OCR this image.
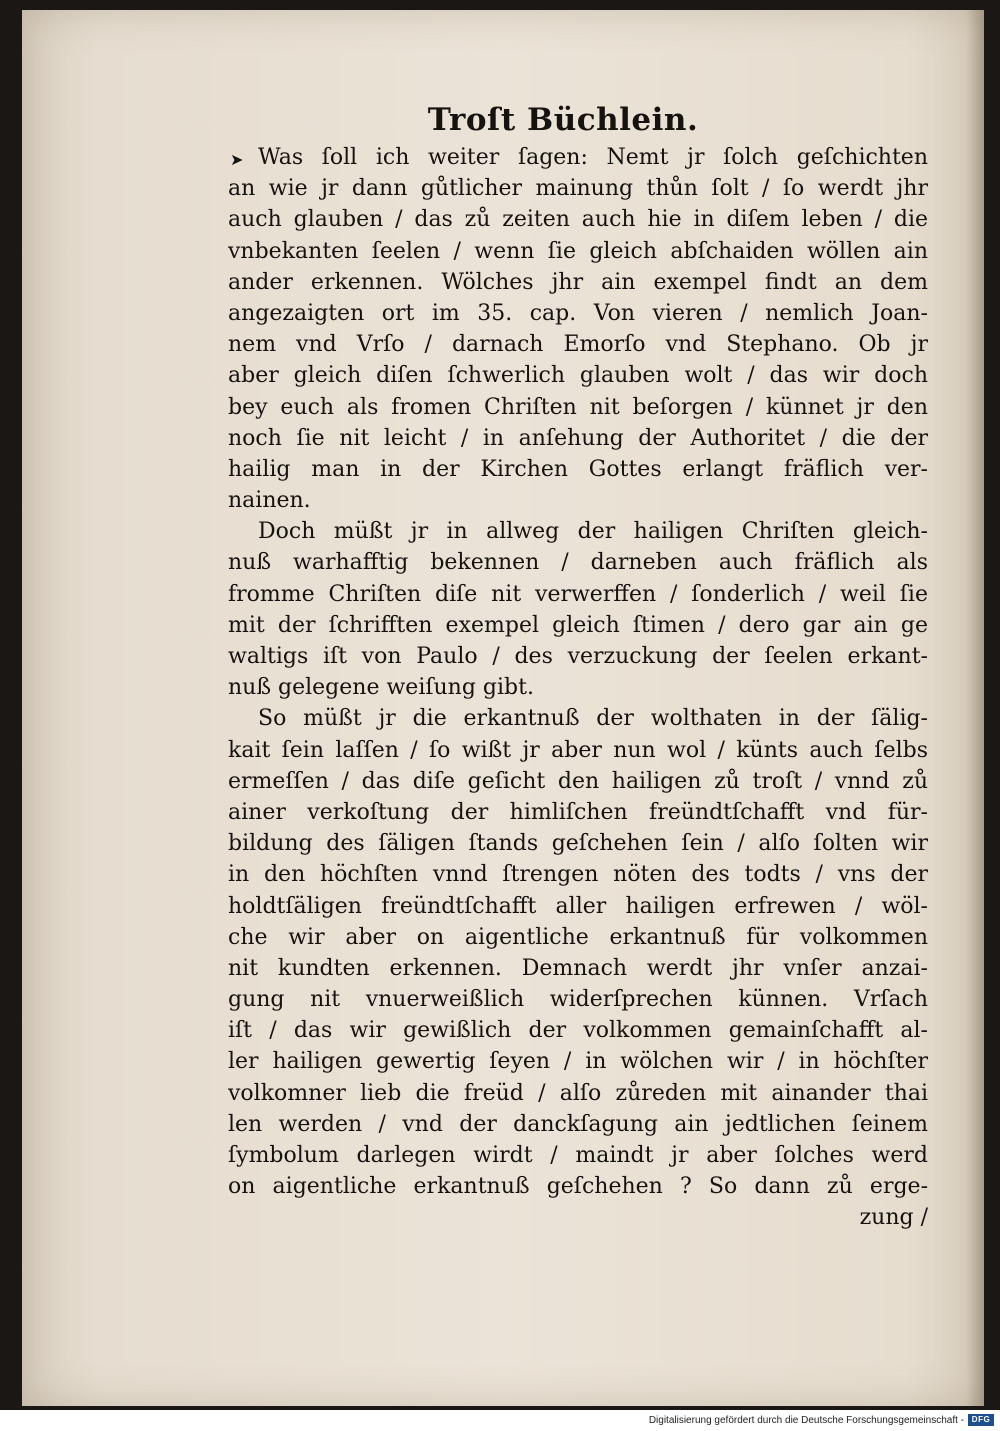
Troſt Büchlein.
➤ Was ſoll ich weiter ſagen: Nemt jr ſolch geſchichten
an wie jr dann gůtlicher mainung thůn ſolt / ſo werdt jhr
auch glauben / das zů zeiten auch hie in diſem leben / die
vnbekanten ſeelen / wenn ſie gleich abſchaiden wöllen ain
ander erkennen. Wölches jhr ain exempel findt an dem
angezaigten ort im 35. cap. Von vieren / nemlich Joan-
nem vnd Vrſo / darnach Emorſo vnd Stephano. Ob jr
aber gleich diſen ſchwerlich glauben wolt / das wir doch
bey euch als fromen Chriſten nit beſorgen / künnet jr den
noch ſie nit leicht / in anſehung der Authoritet / die der
hailig man in der Kirchen Gottes erlangt fräflich ver-
nainen.
Doch müßt jr in allweg der hailigen Chriſten gleich-
nuß warhafftig bekennen / darneben auch fräflich als
fromme Chriſten diſe nit verwerffen / ſonderlich / weil ſie
mit der ſchrifften exempel gleich ſtimen / dero gar ain ge
waltigs iſt von Paulo / des verzuckung der ſeelen erkant-
nuß gelegene weiſung gibt.
So müßt jr die erkantnuß der wolthaten in der ſälig-
kait ſein laſſen / ſo wißt jr aber nun wol / künts auch ſelbs
ermeſſen / das diſe geſicht den hailigen zů troſt / vnnd zů
ainer verkoſtung der himliſchen freündtſchafft vnd für-
bildung des ſäligen ſtands geſchehen ſein / alſo ſolten wir
in den höchſten vnnd ſtrengen nöten des todts / vns der
holdtſäligen freündtſchafft aller hailigen erfrewen / wöl-
che wir aber on aigentliche erkantnuß für volkommen
nit kundten erkennen. Demnach werdt jhr vnſer anzai-
gung nit vnuerweißlich widerſprechen künnen. Vrſach
iſt / das wir gewißlich der volkommen gemainſchafft al-
ler hailigen gewertig ſeyen / in wölchen wir / in höchſter
volkomner lieb die freüd / alſo zůreden mit ainander thai
len werden / vnd der danckſagung ain jedtlichen ſeinem
ſymbolum darlegen wirdt / maindt jr aber ſolches werd
on aigentliche erkantnuß geſchehen ? So dann zů erge-
zung /
Digitalisierung gefördert durch die Deutsche Forschungsgemeinschaft - DFG
